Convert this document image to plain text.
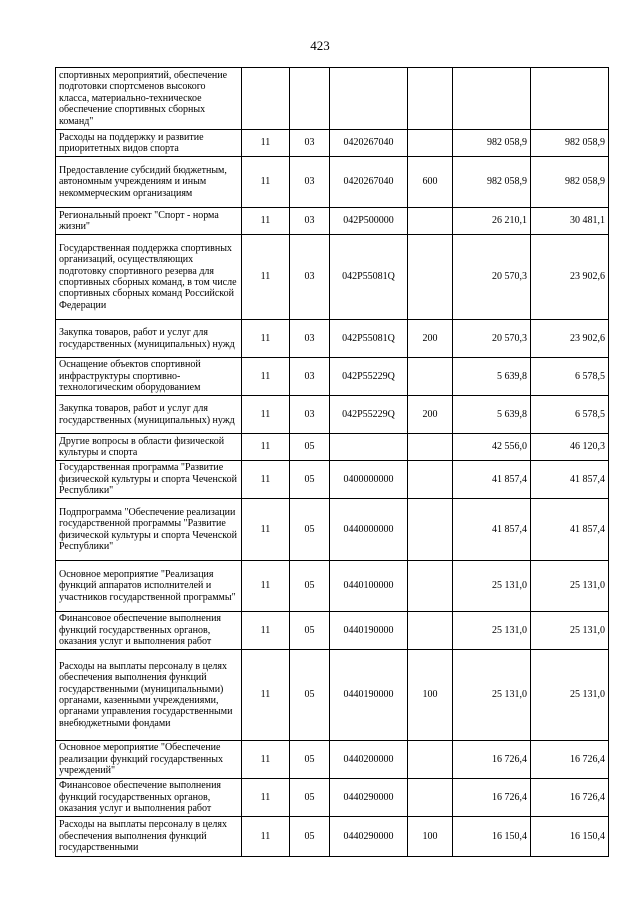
423
спортивных мероприятий, обеспечение подготовки спортсменов высокого класса, материально-техническое обеспечение спортивных сборных команд"						
Расходы на поддержку и развитие приоритетных видов спорта	11	03	0420267040		982 058,9	982 058,9
Предоставление субсидий бюджетным, автономным учреждениям и иным некоммерческим организациям	11	03	0420267040	600	982 058,9	982 058,9
Региональный проект "Спорт - норма жизни"	11	03	042P500000		26 210,1	30 481,1
Государственная поддержка спортивных организаций, осуществляющих подготовку спортивного резерва для спортивных сборных команд, в том числе спортивных сборных команд Российской Федерации	11	03	042P55081Q		20 570,3	23 902,6
Закупка товаров, работ и услуг для государственных (муниципальных) нужд	11	03	042P55081Q	200	20 570,3	23 902,6
Оснащение объектов спортивной инфраструктуры спортивно-технологическим оборудованием	11	03	042P55229Q		5 639,8	6 578,5
Закупка товаров, работ и услуг для государственных (муниципальных) нужд	11	03	042P55229Q	200	5 639,8	6 578,5
Другие вопросы в области физической культуры и спорта	11	05			42 556,0	46 120,3
Государственная программа "Развитие физической культуры и спорта Чеченской Республики"	11	05	0400000000		41 857,4	41 857,4
Подпрограмма "Обеспечение реализации государственной программы "Развитие физической культуры и спорта Чеченской Республики"	11	05	0440000000		41 857,4	41 857,4
Основное мероприятие "Реализация функций аппаратов исполнителей и участников государственной программы"	11	05	0440100000		25 131,0	25 131,0
Финансовое обеспечение выполнения функций государственных органов, оказания услуг и выполнения работ	11	05	0440190000		25 131,0	25 131,0
Расходы на выплаты персоналу в целях обеспечения выполнения функций государственными (муниципальными) органами, казенными учреждениями, органами управления государственными внебюджетными фондами	11	05	0440190000	100	25 131,0	25 131,0
Основное мероприятие "Обеспечение реализации функций государственных учреждений"	11	05	0440200000		16 726,4	16 726,4
Финансовое обеспечение выполнения функций государственных органов, оказания услуг и выполнения работ	11	05	0440290000		16 726,4	16 726,4
Расходы на выплаты персоналу в целях обеспечения выполнения функций государственными	11	05	0440290000	100	16 150,4	16 150,4
